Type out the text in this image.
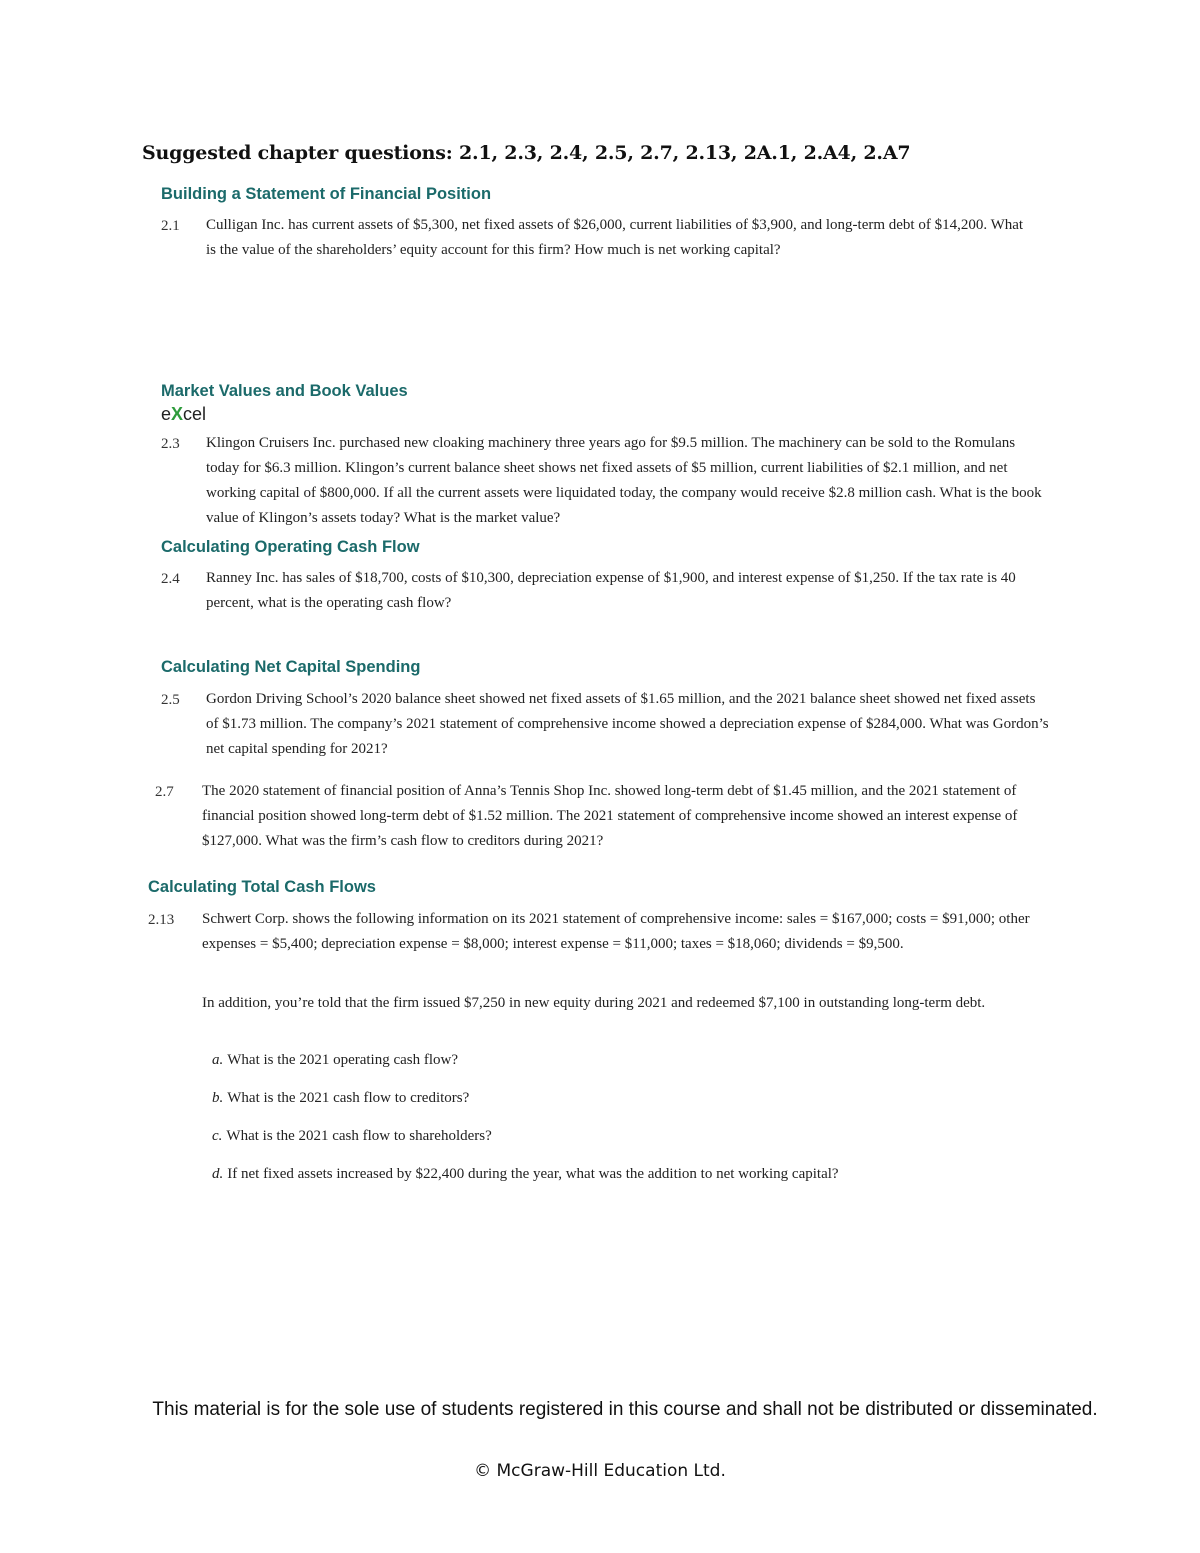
Suggested chapter questions: 2.1, 2.3, 2.4, 2.5, 2.7, 2.13, 2A.1, 2.A4, 2.A7
Building a Statement of Financial Position
2.1 Culligan Inc. has current assets of $5,300, net fixed assets of $26,000, current liabilities of $3,900, and long-term debt of $14,200. What is the value of the shareholders’ equity account for this firm? How much is net working capital?
Market Values and Book Values
eXcel
2.3 Klingon Cruisers Inc. purchased new cloaking machinery three years ago for $9.5 million. The machinery can be sold to the Romulans today for $6.3 million. Klingon’s current balance sheet shows net fixed assets of $5 million, current liabilities of $2.1 million, and net working capital of $800,000. If all the current assets were liquidated today, the company would receive $2.8 million cash. What is the book value of Klingon’s assets today? What is the market value?
Calculating Operating Cash Flow
2.4 Ranney Inc. has sales of $18,700, costs of $10,300, depreciation expense of $1,900, and interest expense of $1,250. If the tax rate is 40 percent, what is the operating cash flow?
Calculating Net Capital Spending
2.5 Gordon Driving School’s 2020 balance sheet showed net fixed assets of $1.65 million, and the 2021 balance sheet showed net fixed assets of $1.73 million. The company’s 2021 statement of comprehensive income showed a depreciation expense of $284,000. What was Gordon’s net capital spending for 2021?
2.7 The 2020 statement of financial position of Anna’s Tennis Shop Inc. showed long-term debt of $1.45 million, and the 2021 statement of financial position showed long-term debt of $1.52 million. The 2021 statement of comprehensive income showed an interest expense of $127,000. What was the firm’s cash flow to creditors during 2021?
Calculating Total Cash Flows
2.13 Schwert Corp. shows the following information on its 2021 statement of comprehensive income: sales = $167,000; costs = $91,000; other expenses = $5,400; depreciation expense = $8,000; interest expense = $11,000; taxes = $18,060; dividends = $9,500.
In addition, you’re told that the firm issued $7,250 in new equity during 2021 and redeemed $7,100 in outstanding long-term debt.
a. What is the 2021 operating cash flow?
b. What is the 2021 cash flow to creditors?
c. What is the 2021 cash flow to shareholders?
d. If net fixed assets increased by $22,400 during the year, what was the addition to net working capital?
This material is for the sole use of students registered in this course and shall not be distributed or disseminated.
© McGraw-Hill Education Ltd.
